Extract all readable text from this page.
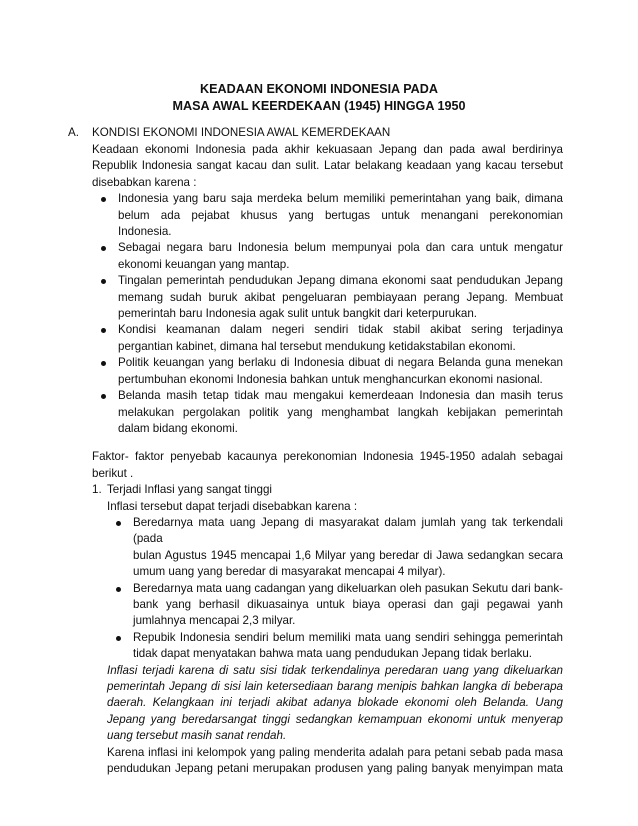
KEADAAN EKONOMI INDONESIA PADA
MASA AWAL KEERDEKAAN (1945) HINGGA 1950
A. KONDISI EKONOMI INDONESIA AWAL KEMERDEKAAN
Keadaan ekonomi Indonesia pada akhir kekuasaan Jepang dan pada awal berdirinya
Republik Indonesia sangat kacau dan sulit. Latar belakang keadaan yang kacau tersebut
disebabkan karena :
Indonesia yang baru saja merdeka belum memiliki pemerintahan yang baik, dimana
belum ada pejabat khusus yang bertugas untuk menangani perekonomian
Indonesia.
Sebagai negara baru Indonesia belum mempunyai pola dan cara untuk mengatur
ekonomi keuangan yang mantap.
Tingalan pemerintah pendudukan Jepang dimana ekonomi saat pendudukan Jepang
memang sudah buruk akibat pengeluaran pembiayaan perang Jepang. Membuat
pemerintah baru Indonesia agak sulit untuk bangkit dari keterpurukan.
Kondisi keamanan dalam negeri sendiri tidak stabil akibat sering terjadinya
pergantian kabinet, dimana hal tersebut mendukung ketidakstabilan ekonomi.
Politik keuangan yang berlaku di Indonesia dibuat di negara Belanda guna menekan
pertumbuhan ekonomi Indonesia bahkan untuk menghancurkan ekonomi nasional.
Belanda masih tetap tidak mau mengakui kemerdeaan Indonesia dan masih terus
melakukan pergolakan politik yang menghambat langkah kebijakan pemerintah
dalam bidang ekonomi.
Faktor- faktor penyebab kacaunya perekonomian Indonesia 1945-1950 adalah sebagai
berikut .
1. Terjadi Inflasi yang sangat tinggi
Inflasi tersebut dapat terjadi disebabkan karena :
Beredarnya mata uang Jepang di masyarakat dalam jumlah yang tak terkendali (pada
bulan Agustus 1945 mencapai 1,6 Milyar yang beredar di Jawa sedangkan secara
umum uang yang beredar di masyarakat mencapai 4 milyar).
Beredarnya mata uang cadangan yang dikeluarkan oleh pasukan Sekutu dari bank-
bank yang berhasil dikuasainya untuk biaya operasi dan gaji pegawai yanh
jumlahnya mencapai 2,3 milyar.
Repubik Indonesia sendiri belum memiliki mata uang sendiri sehingga pemerintah
tidak dapat menyatakan bahwa mata uang pendudukan Jepang tidak berlaku.
Inflasi terjadi karena di satu sisi tidak terkendalinya peredaran uang yang dikeluarkan
pemerintah Jepang di sisi lain ketersediaan barang menipis bahkan langka di beberapa
daerah. Kelangkaan ini terjadi akibat adanya blokade ekonomi oleh Belanda. Uang
Jepang yang beredarsangat tinggi sedangkan kemampuan ekonomi untuk menyerap
uang tersebut masih sanat rendah.
Karena inflasi ini kelompok yang paling menderita adalah para petani sebab pada masa
pendudukan Jepang petani merupakan produsen yang paling banyak menyimpan mata
